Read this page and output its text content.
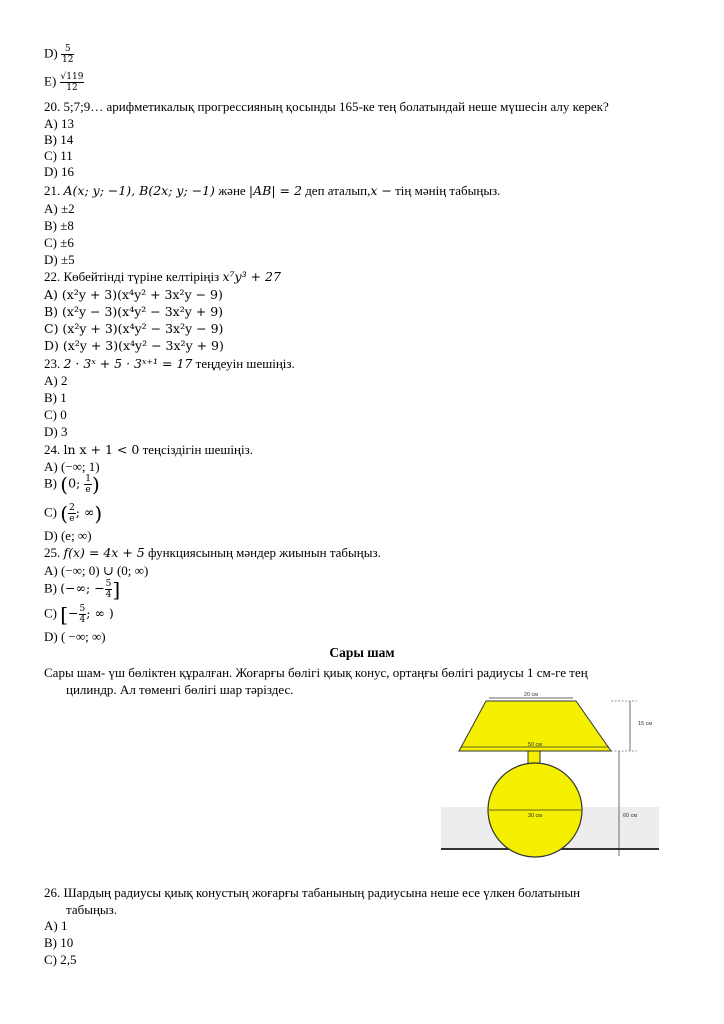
$D) \frac{5}{12}$
$E) \frac{√119}{12}$
20. 5;7;9… арифметикалық прогрессияның қосынды 165-ке тең болатындай неше мүшесін алу керек?
A) 13
B) 14
C) 11
D) 16
21. A(x; y; −1), B(2x; y; −1) және |AB| = 2 деп аталып,x − тің мәнің табыңыз.
A) ±2
B) ±8
C) ±6
D) ±5
22. Көбейтінді түріне келтіріңіз x⁷y³ + 27
A) (x²y + 3)(x⁴y² + 3x²y − 9)
B) (x²y − 3)(x⁴y² − 3x²y + 9)
C) (x²y + 3)(x⁴y² − 3x²y − 9)
D) (x²y + 3)(x⁴y² − 3x²y + 9)
23. 2 · 3ˣ + 5 · 3ˣ⁺¹ = 17 теңдеуін шешіңіз.
A) 2
B) 1
C) 0
D) 3
24. ln x + 1 < 0 теңсіздігін шешіңіз.
A) (−∞; 1)
B) (0; $\frac{1}{e}$ )
C) ( $\frac{2}{e}$ ; ∞)
D) (e; ∞)
25. f(x) = 4x + 5 функциясының мәндер жиынын табыңыз.
A) (−∞; 0) ∪ (0; ∞)
B) (−∞; − $\frac{5}{4}$ ]
C) [− $\frac{5}{4}$ ; ∞ )
D) ( −∞; ∞)
Сары шам
Сары шам- үш бөліктен құралған. Жоғарғы бөлігі қиық конус, ортаңғы бөлігі радиусы 1 см-ге тең
цилиндр. Ал төменгі бөлігі шар тәріздес.	20 см
50 см
30 см
15 см
60 см
26. Шардың радиусы қиық конустың жоғарғы табанының радиусына неше есе үлкен болатынын
табыңыз.
A) 1
B) 10
C) 2,5
